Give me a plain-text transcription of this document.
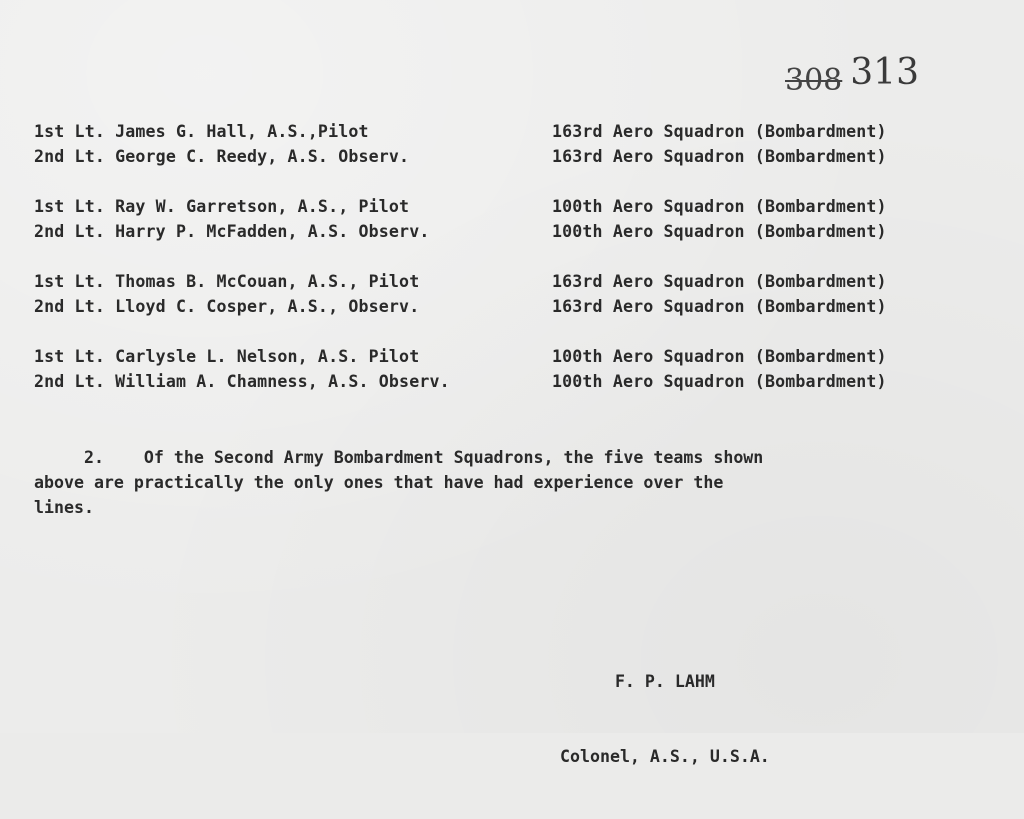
308 313
1st Lt. James G. Hall, A.S.,Pilot	163rd Aero Squadron (Bombardment)
2nd Lt. George C. Reedy, A.S. Observ.	163rd Aero Squadron (Bombardment)
1st Lt. Ray W. Garretson, A.S., Pilot	100th Aero Squadron (Bombardment)
2nd Lt. Harry P. McFadden, A.S. Observ.	100th Aero Squadron (Bombardment)
1st Lt. Thomas B. McCouan, A.S., Pilot	163rd Aero Squadron (Bombardment)
2nd Lt. Lloyd C. Cosper, A.S., Observ.	163rd Aero Squadron (Bombardment)
1st Lt. Carlysle L. Nelson, A.S. Pilot	100th Aero Squadron (Bombardment)
2nd Lt. William A. Chamness, A.S. Observ.	100th Aero Squadron (Bombardment)
2.    Of the Second Army Bombardment Squadrons, the five teams shown
above are practically the only ones that have had experience over the
lines.

F. P. LAHM

Colonel, A.S., U.S.A.
